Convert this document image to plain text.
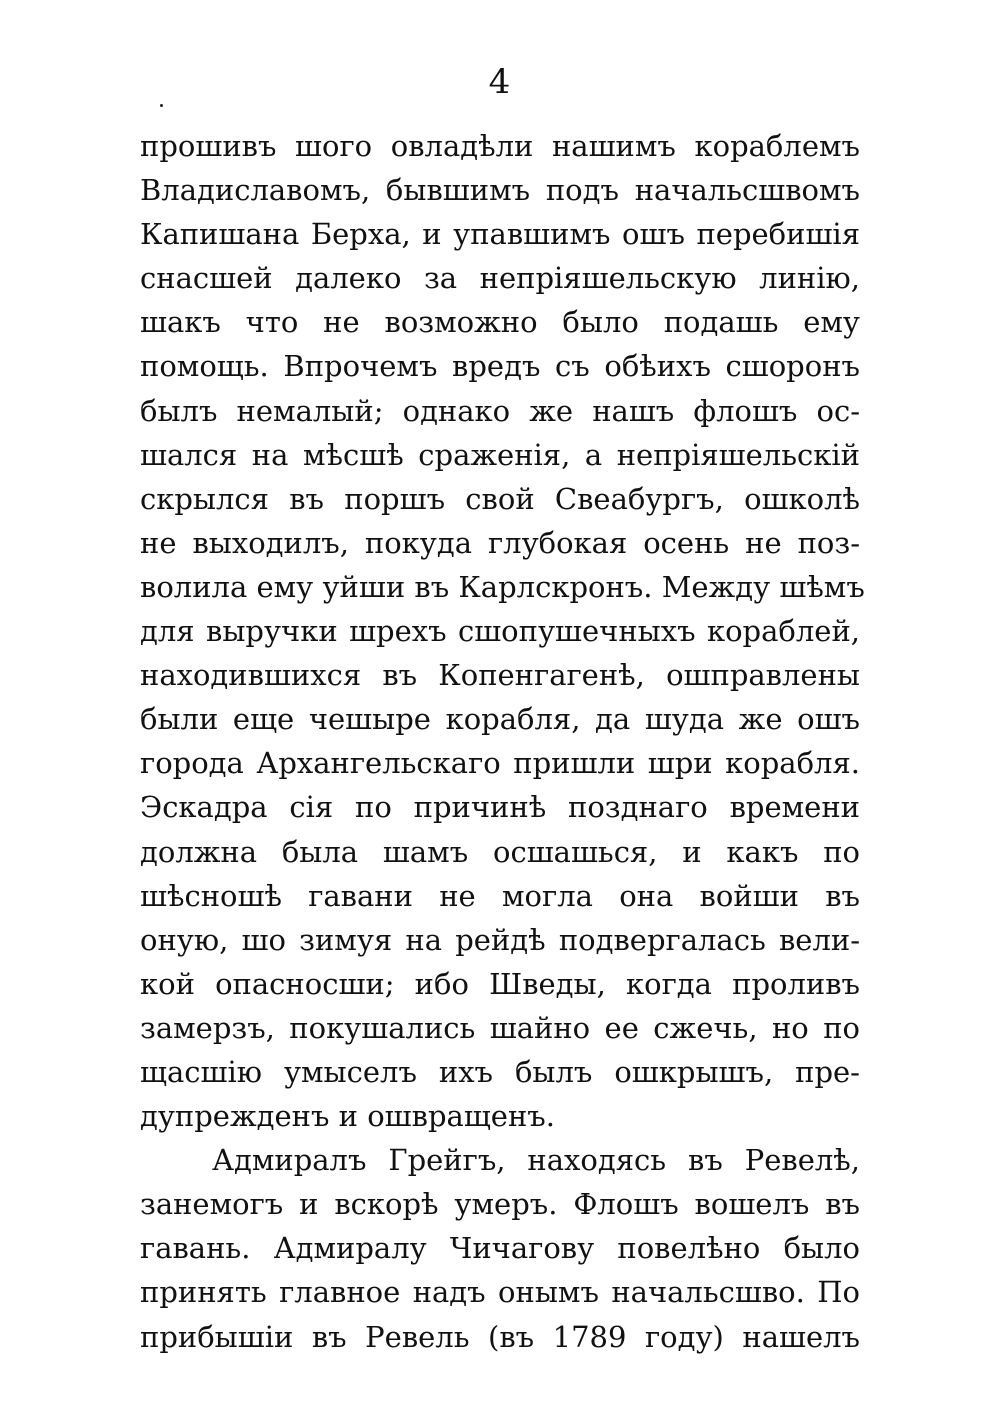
4
прошивъ шого овладѣли нашимъ кораблемъ
Владиславомъ, бывшимъ подъ начальсшвомъ
Капишана Берха, и упавшимъ ошъ перебишія
снасшей далеко за непріяшельскую линію,
шакъ что не возможно было подашь ему
помощь. Впрочемъ вредъ съ обѣихъ сшоронъ
былъ немалый; однако же нашъ флошъ ос-
шался на мѣсшѣ сраженія, а непріяшельскій
скрылся въ поршъ свой Свеабургъ, ошколѣ
не выходилъ, покуда глубокая осень не поз-
волила ему уйши въ Карлскронъ. Между шѣмъ
для выручки шрехъ сшопушечныхъ кораблей,
находившихся въ Копенгагенѣ, ошправлены
были еще чешыре корабля, да шуда же ошъ
города Архангельскаго пришли шри корабля.
Эскадра сія по причинѣ позднаго времени
должна была шамъ осшашься, и какъ по
шѣсношѣ гавани не могла она войши въ
оную, шо зимуя на рейдѣ подвергалась вели-
кой опасносши; ибо Шведы, когда проливъ
замерзъ, покушались шайно ее сжечь, но по
щасшію умыселъ ихъ былъ ошкрышъ, пре-
дупрежденъ и ошвращенъ.
Адмиралъ Грейгъ, находясь въ Ревелѣ,
занемогъ и вскорѣ умеръ. Флошъ вошелъ въ
гавань. Адмиралу Чичагову повелѣно было
принять главное надъ онымъ начальсшво. По
прибышіи въ Ревель (въ 1789 году) нашелъ
